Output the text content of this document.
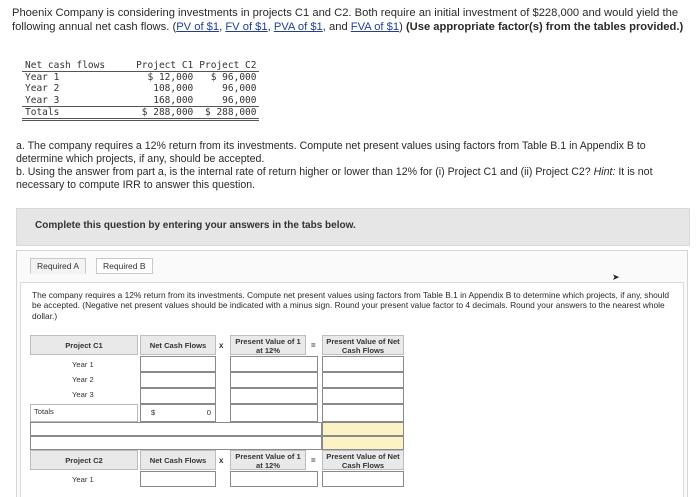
Phoenix Company is considering investments in projects C1 and C2. Both require an initial investment of $228,000 and would yield the following annual net cash flows. (PV of $1, FV of $1, PVA of $1, and FVA of $1) (Use appropriate factor(s) from the tables provided.)
Net cash flows	Project C1	Project C2
Year 1	$ 12,000	$ 96,000
Year 2	108,000	96,000
Year 3	168,000	96,000
Totals	$ 288,000	$ 288,000
a. The company requires a 12% return from its investments. Compute net present values using factors from Table B.1 in Appendix B to determine which projects, if any, should be accepted.
b. Using the answer from part a, is the internal rate of return higher or lower than 12% for (i) Project C1 and (ii) Project C2? Hint: It is not necessary to compute IRR to answer this question.
Complete this question by entering your answers in the tabs below.
Required A	Required B
➤
The company requires a 12% return from its investments. Compute net present values using factors from Table B.1 in Appendix B to determine which projects, if any, should be accepted. (Negative net present values should be indicated with a minus sign. Round your present value factor to 4 decimals. Round your answers to the nearest whole dollar.)
Project C1	Net Cash Flows	x	Present Value of 1 at 12%	=	Present Value of Net Cash Flows
Year 1
Year 2
Year 3
Totals	$	0
Project C2	Net Cash Flows	x	Present Value of 1 at 12%	=	Present Value of Net Cash Flows
Year 1
